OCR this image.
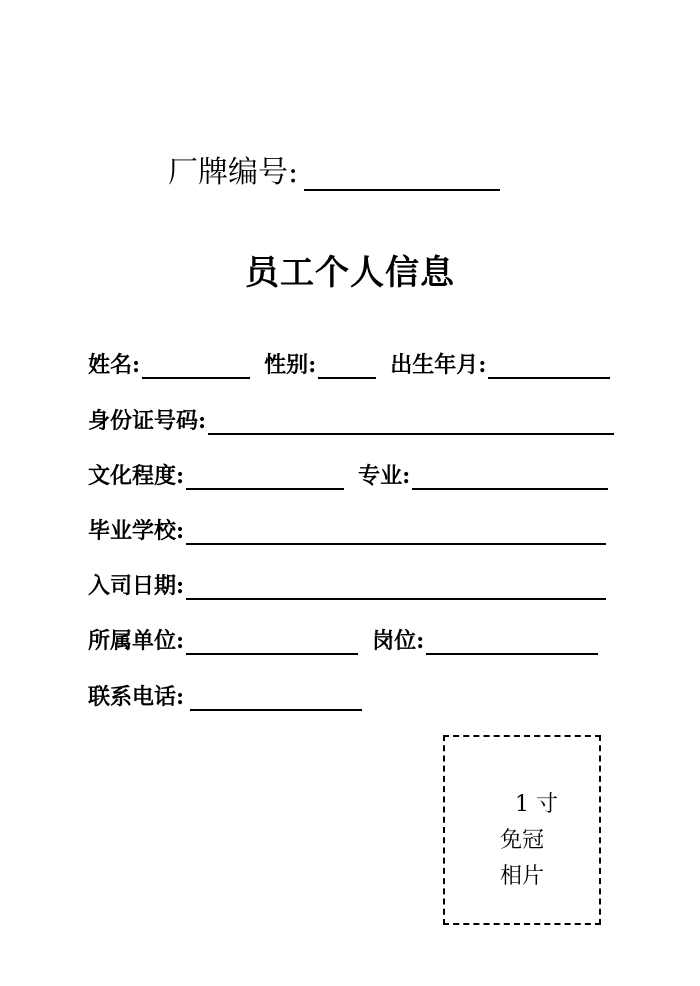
厂牌编号:
员工个人信息
姓名:	性别:	出生年月:
身份证号码:
文化程度:	专业:
毕业学校:
入司日期:
所属单位:	岗位:
联系电话:
1 寸
免冠
相片
